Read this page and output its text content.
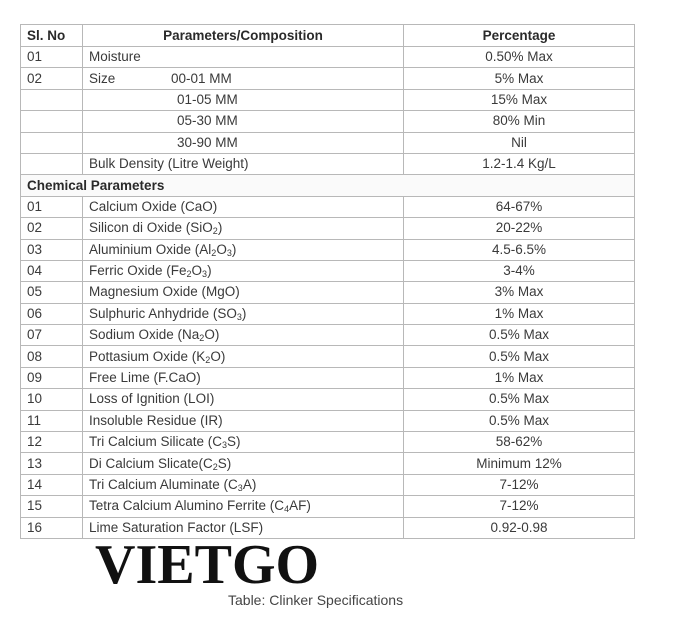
Sl. No	Parameters/Composition	Percentage
01	Moisture	0.50% Max
02	Size 00-01 MM	5% Max
	01-05 MM	15% Max
	05-30 MM	80% Min
	30-90 MM	Nil
	Bulk Density (Litre Weight)	1.2-1.4 Kg/L
Chemical Parameters		
01	Calcium Oxide (CaO)	64-67%
02	Silicon di Oxide (SiO$_2$)	20-22%
03	Aluminium Oxide $(Al_2O_3)$	4.5-6.5%
04	Ferric Oxide $(Fe_2O_3)$	3-4%
05	Magnesium Oxide (MgO)	3% Max
06	Sulphuric Anhydride $(SO_3)$	1% Max
07	Sodium Oxide $(Na_2O)$	0.5% Max
08	Pottasium Oxide $(K_2O)$	0.5% Max
09	Free Lime (F.CaO)	1% Max
10	Loss of Ignition (LOI)	0.5% Max
11	Insoluble Residue (IR)	0.5% Max
12	Tri Calcium Silicate $(C_3S)$	58-62%
13	Di Calcium $Slicate(C_2S)$	Minimum 12%
14	Tri Calcium Aluminate $(C_3A)$	7-12%
15	Tetra Calcium Alumino Ferrite $(C_4AF)$	7-12%
16	Lime Saturation Factor (LSF)	0.92-0.98
VIETGO
Table: Clinker Specifications
